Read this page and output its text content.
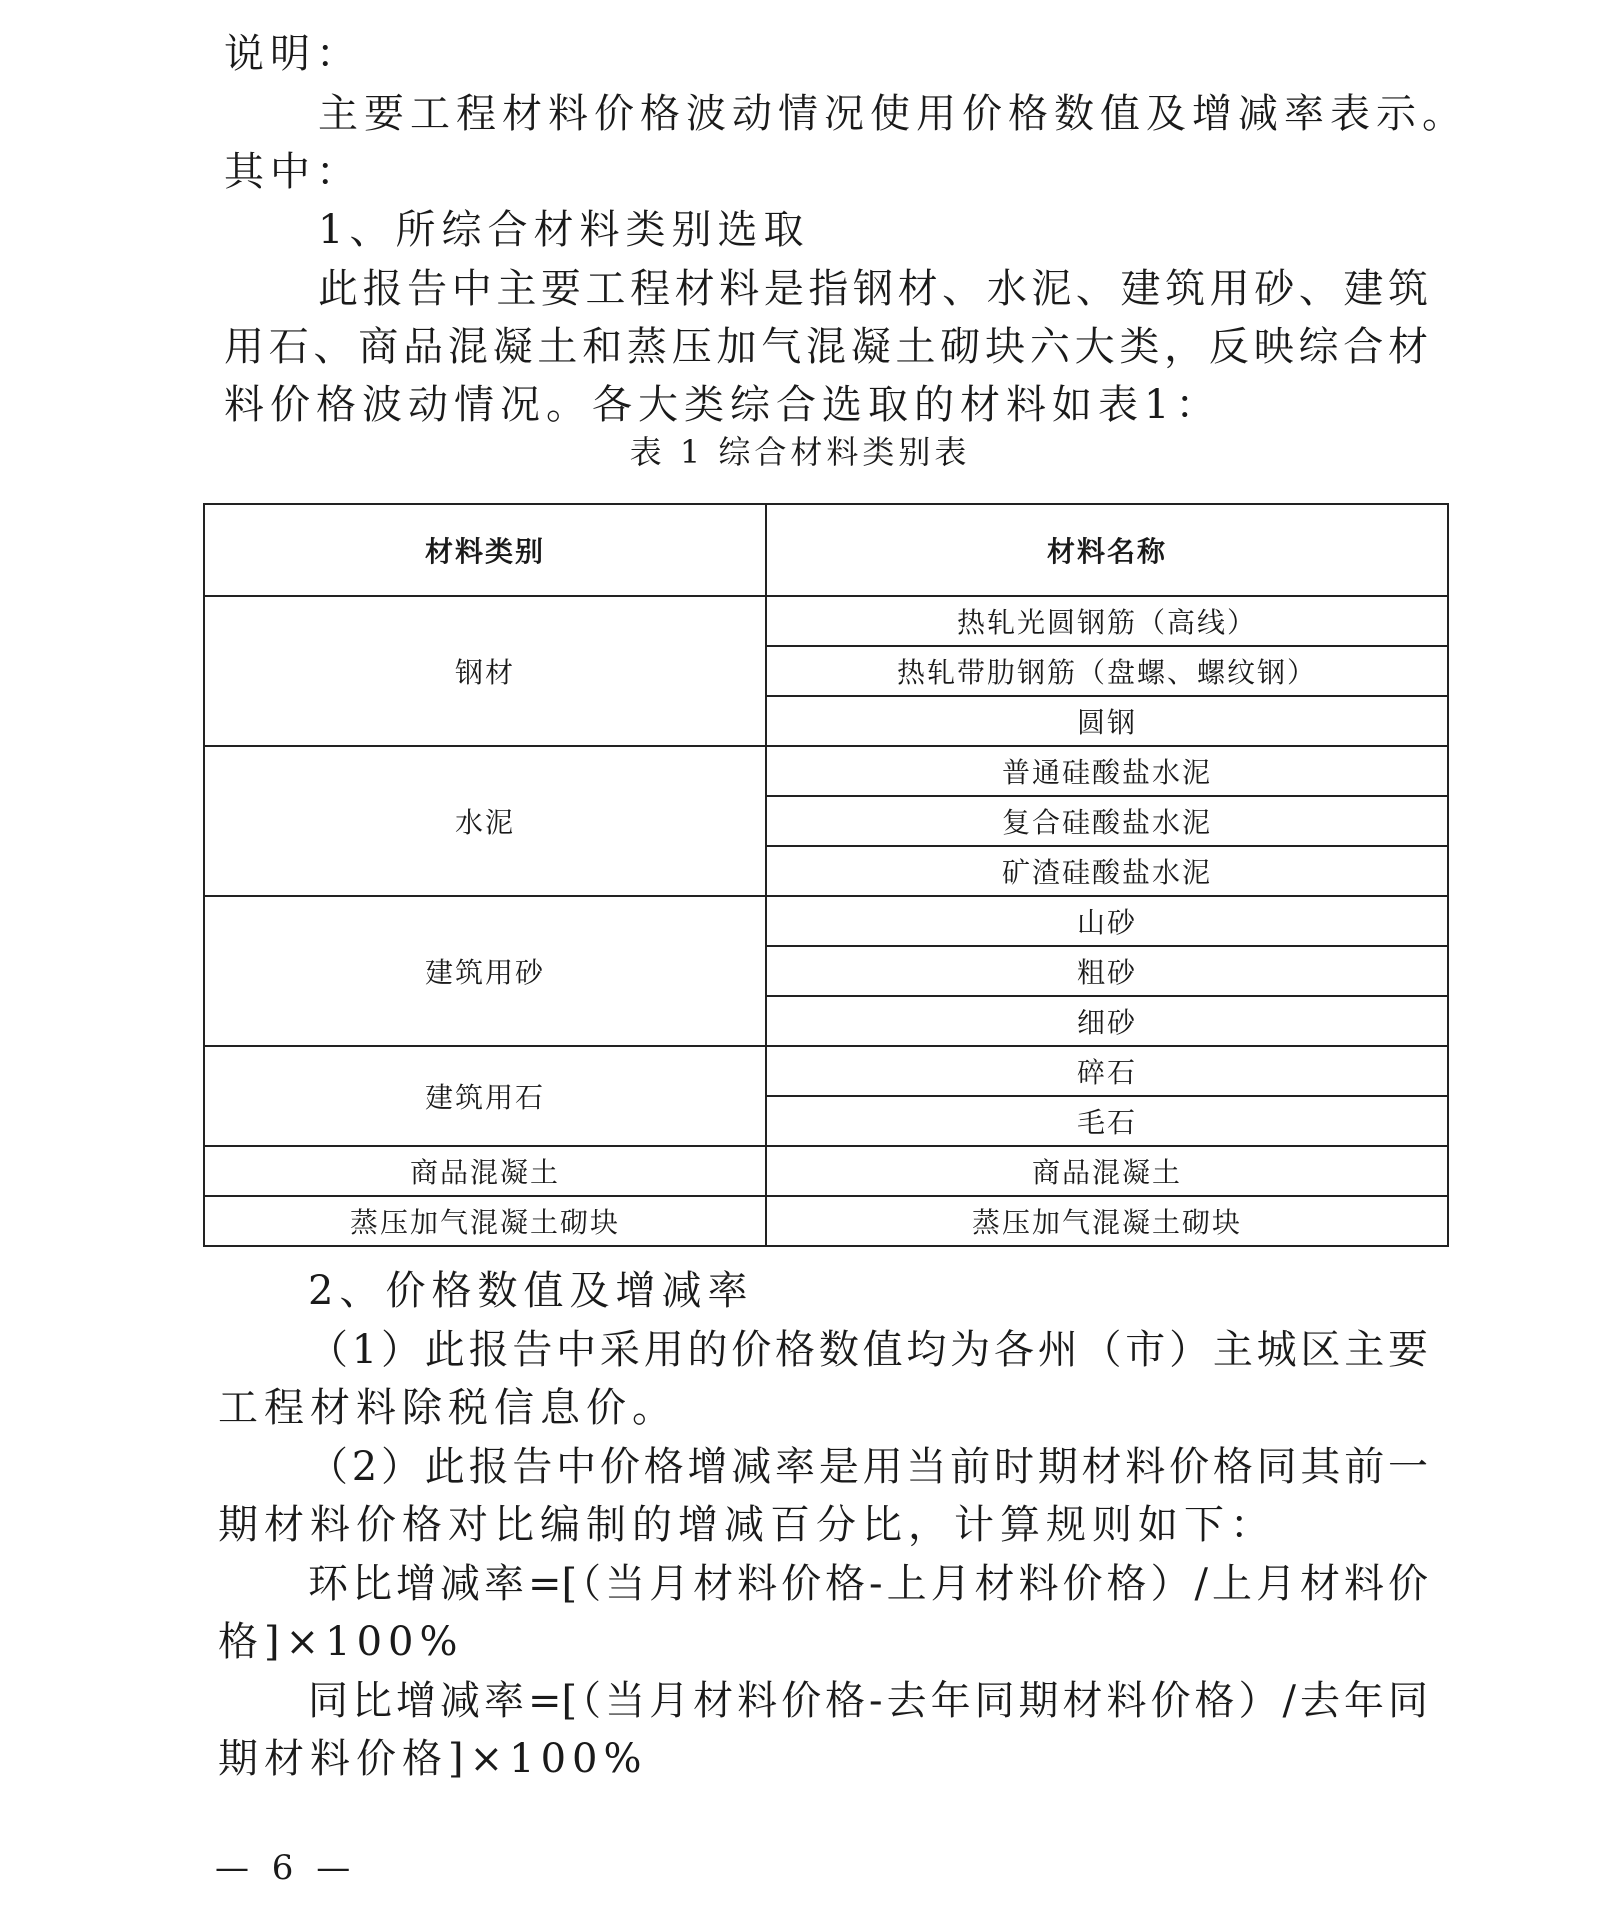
说明：
主要工程材料价格波动情况使用价格数值及增减率表示。
其中：
1、所综合材料类别选取
此报告中主要工程材料是指钢材、水泥、建筑用砂、建筑
用石、商品混凝土和蒸压加气混凝土砌块六大类，反映综合材
料价格波动情况。各大类综合选取的材料如表1：
表 1 综合材料类别表
材料类别	材料名称
钢材	热轧光圆钢筋（高线）
	热轧带肋钢筋（盘螺、螺纹钢）
	圆钢
水泥	普通硅酸盐水泥
	复合硅酸盐水泥
	矿渣硅酸盐水泥
建筑用砂	山砂
	粗砂
	细砂
建筑用石	碎石
	毛石
商品混凝土	商品混凝土
蒸压加气混凝土砌块	蒸压加气混凝土砌块
2、价格数值及增减率
（1）此报告中采用的价格数值均为各州（市）主城区主要
工程材料除税信息价。
（2）此报告中价格增减率是用当前时期材料价格同其前一
期材料价格对比编制的增减百分比，计算规则如下：
环比增减率=[（当月材料价格-上月材料价格）/上月材料价
格]×100%
同比增减率=[（当月材料价格-去年同期材料价格）/去年同
期材料价格]×100%
— 6 —
